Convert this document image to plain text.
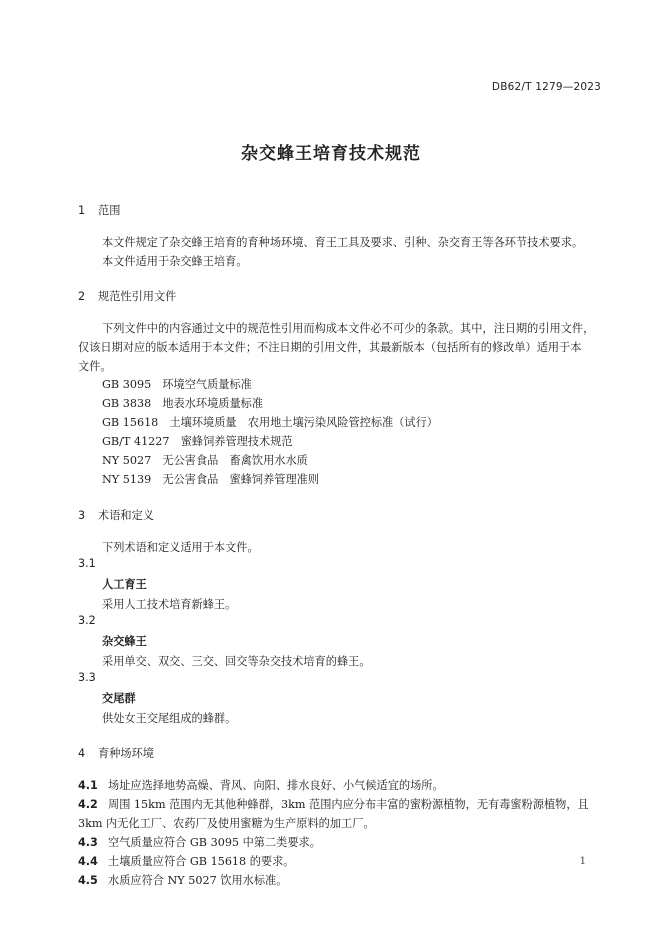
DB62/T 1279—2023
杂交蜂王培育技术规范
1 范围
本文件规定了杂交蜂王培育的育种场环境、育王工具及要求、引种、杂交育王等各环节技术要求。
本文件适用于杂交蜂王培育。
2 规范性引用文件
下列文件中的内容通过文中的规范性引用而构成本文件必不可少的条款。其中，注日期的引用文件，
仅该日期对应的版本适用于本文件；不注日期的引用文件，其最新版本（包括所有的修改单）适用于本
文件。
GB 3095　环境空气质量标准
GB 3838　地表水环境质量标准
GB 15618　土壤环境质量　农用地土壤污染风险管控标准（试行）
GB/T 41227　蜜蜂饲养管理技术规范
NY 5027　无公害食品　畜禽饮用水水质
NY 5139　无公害食品　蜜蜂饲养管理准则
3 术语和定义
下列术语和定义适用于本文件。
3.1
人工育王
采用人工技术培育新蜂王。
3.2
杂交蜂王
采用单交、双交、三交、回交等杂交技术培育的蜂王。
3.3
交尾群
供处女王交尾组成的蜂群。
4 育种场环境
4.1 场址应选择地势高燥、背风、向阳、排水良好、小气候适宜的场所。
4.2 周围 15km 范围内无其他种蜂群，3km 范围内应分布丰富的蜜粉源植物，无有毒蜜粉源植物，且
3km 内无化工厂、农药厂及使用蜜糖为生产原料的加工厂。
4.3 空气质量应符合 GB 3095 中第二类要求。
4.4 土壤质量应符合 GB 15618 的要求。
4.5 水质应符合 NY 5027 饮用水标准。
1
